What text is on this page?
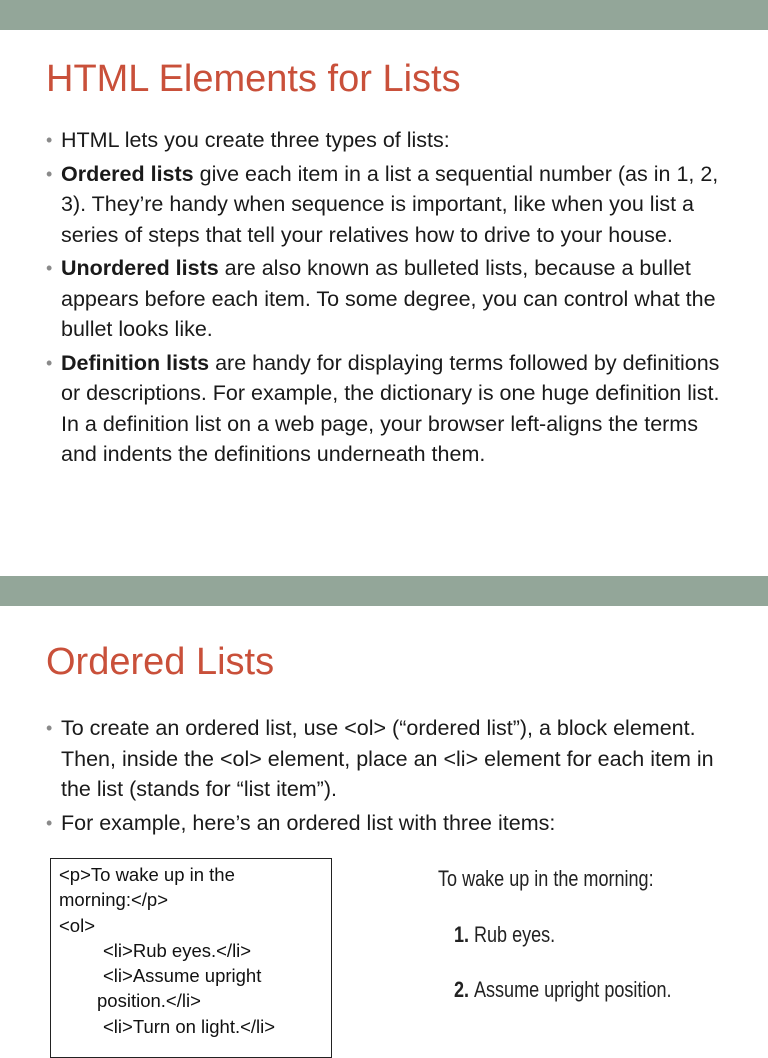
HTML Elements for Lists
• HTML lets you create three types of lists:
• Ordered lists give each item in a list a sequential number (as in 1, 2, 3). They’re handy when sequence is important, like when you list a series of steps that tell your relatives how to drive to your house.
• Unordered lists are also known as bulleted lists, because a bullet appears before each item. To some degree, you can control what the bullet looks like.
• Definition lists are handy for displaying terms followed by definitions or descriptions. For example, the dictionary is one huge definition list. In a definition list on a web page, your browser left-aligns the terms and indents the definitions underneath them.
Ordered Lists
• To create an ordered list, use <ol> (“ordered list”), a block element. Then, inside the <ol> element, place an <li> element for each item in the list (stands for “list item”).
• For example, here’s an ordered list with three items:
<p>To wake up in the
morning:</p>
<ol>
<li>Rub eyes.</li>
<li>Assume upright
position.</li>
<li>Turn on light.</li>
To wake up in the morning:
1. Rub eyes.
2. Assume upright position.
